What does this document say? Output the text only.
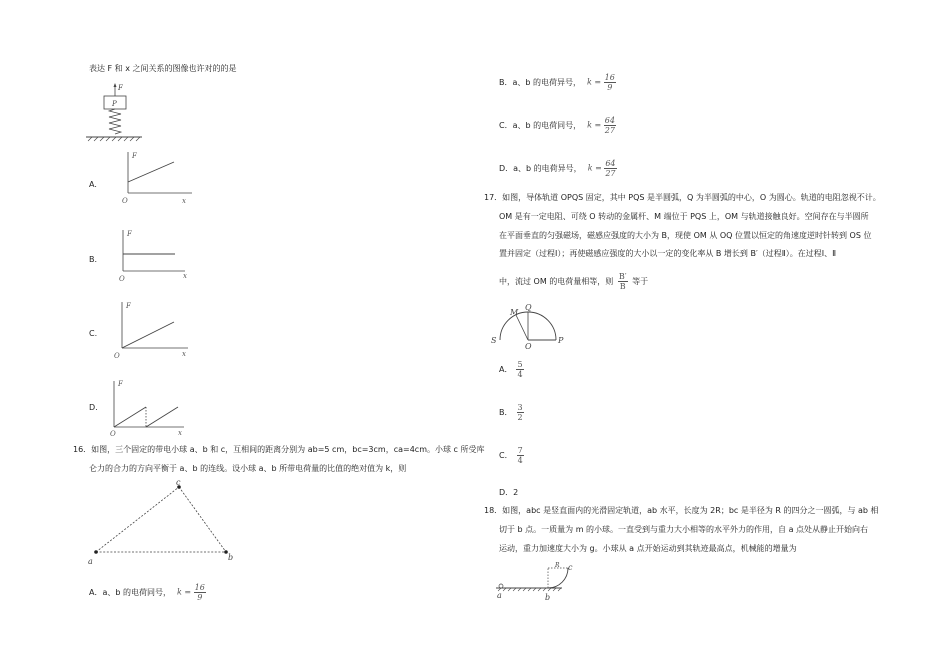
表达 F 和 x 之间关系的图像也许对的的是
F
P
A.
F
x
O
B.
F
x
O
C.
F
x
O
D.
F
x
O
16．如图，三个固定的带电小球 a、b 和 c，互相间的距离分别为 ab=5 cm，bc=3cm，ca=4cm。小球 c 所受库
仑力的合力的方向平衡于 a、b 的连线。设小球 a、b 所带电荷量的比值的绝对值为 k，则
a	b
c
A．a、b 的电荷同号， $k = \frac{16}{9}$
B．a、b 的电荷异号， $k = \frac{16}{9}$
C．a、b 的电荷同号， $k = \frac{64}{27}$
D．a、b 的电荷异号， $k = \frac{64}{27}$
17．如图，导体轨道 OPQS 固定，其中 PQS 是半圆弧，Q 为半圆弧的中心，O 为圆心。轨道的电阻忽视不计。
OM 是有一定电阻、可绕 O 转动的金属杆、M 端位于 PQS 上，OM 与轨道接触良好。空间存在与半圆所
在平面垂直的匀强磁场，磁感应强度的大小为 B，现使 OM 从 OQ 位置以恒定的角速度逆时针转到 OS 位
置并固定（过程Ⅰ）；再使磁感应强度的大小以一定的变化率从 B 增长到 B′（过程Ⅱ）。在过程Ⅰ、Ⅱ
中，流过 OM 的电荷量相等，则 $\frac{B'}{B}$ 等于
M
Q
S
O
P
A． $\frac{5}{4}$
B． $\frac{3}{2}$
C． $\frac{7}{4}$
D．2
18．如图，abc 是竖直面内的光滑固定轨道，ab 水平，长度为 2R；bc 是半径为 R 的四分之一圆弧，与 ab 相
切于 b 点。一质量为 m 的小球。一直受到与重力大小相等的水平外力的作用，自 a 点处从静止开始向右
运动，重力加速度大小为 g。小球从 a 点开始运动到其轨迹最高点，机械能的增量为
a	b
c
R
